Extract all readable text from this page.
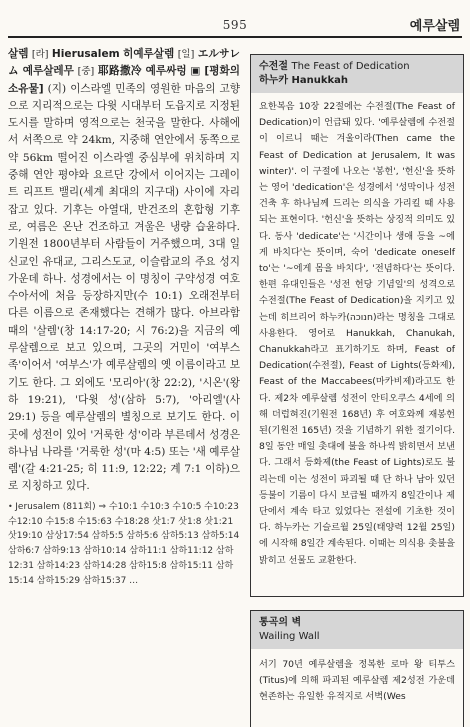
595	예루살렘

살렘 [라] Hierusalem 히예루살렘 [일] エルサレム 예루살레무 [중] 耶路撒冷 예루싸렁 ▣ [평화의 소유물] (지) 이스라엘 민족의 영원한 마음의 고향으로 지리적으로는 다윗 시대부터 도읍지로 지정된 도시를 말하며 영적으로는 천국을 말한다. 사해에서 서쪽으로 약 24km, 지중해 연안에서 동쪽으로 약 56km 떨어진 이스라엘 중심부에 위치하며 지중해 연안 평야와 요르단 강에서 이어지는 그레이트 리프트 밸리(세계 최대의 지구대) 사이에 자리 잡고 있다. 기후는 아열대, 반건조의 혼합형 기후로, 여름은 온난 건조하고 겨울은 냉량 습윤하다. 기원전 1800년부터 사람들이 거주했으며, 3대 일신교인 유대교, 그리스도교, 이슬람교의 주요 성지 가운데 하나. 성경에서는 이 명칭이 구약성경 여호수아서에 처음 등장하지만(수 10:1) 오래전부터 다른 이름으로 존재했다는 견해가 많다. 아브라함 때의 '살렘'(창 14:17-20; 시 76:2)을 지금의 예루살렘으로 보고 있으며, 그곳의 거민이 '여부스 족'이어서 '여부스'가 예루살렘의 옛 이름이라고 보기도 한다. 그 외에도 '모리아'(창 22:2), '시온'(왕하 19:21), '다윗 성'(삼하 5:7), '아리엘'(사 29:1) 등을 예루살렘의 별칭으로 보기도 한다. 이곳에 성전이 있어 '거룩한 성'이라 부른데서 성경은 하나님 나라를 '거룩한 성'(마 4:5) 또는 '새 예루살렘'(갈 4:21-25; 히 11:9, 12:22; 계 7:1 이하)으로 지칭하고 있다.

• Jerusalem (811회) ⇒ 수10:1 수10:3 수10:5 수10:23 수12:10 수15:8 수15:63 수18:28 삿1:7 삿1:8 삿1:21 삿19:10 삼상17:54 삼하5:5 삼하5:6 삼하5:13 삼하5:14 삼하6:7 삼하9:13 삼하10:14 삼하11:1 삼하11:12 삼하12:31 삼하14:23 삼하14:28 삼하15:8 삼하15:11 삼하15:14 삼하15:29 삼하15:37 …

수전절 The Feast of Dedication
하누카 Hanukkah
요한복음 10장 22절에는 수전절(The Feast of Dedication)이 언급돼 있다. '예루살렘에 수전절이 이르니 때는 겨울이라(Then came the Feast of Dedication at Jerusalem, It was winter)'. 이 구절에 나오는 '봉헌', '헌신'을 뜻하는 영어 'dedication'은 성경에서 '성막이나 성전 건축 후 하나님께 드리는 의식을 가리킬 때 사용되는 표현이다. '헌신'을 뜻하는 상징적 의미도 있다. 동사 'dedicate'는 '시간이나 생애 등을 ~에게 바치다'는 뜻이며, 숙어 'dedicate oneself to'는 '~에게 몸을 바치다', '전념하다'는 뜻이다. 한편 유대인들은 '성전 헌당 기념일'의 성격으로 수전절(The Feast of Dedication)을 지키고 있는데 히브리어 하누카(חנוכה)라는 명칭을 그대로 사용한다. 영어로 Hanukkah, Chanukah, Chanukkah라고 표기하기도 하며, Feast of Dedication(수전절), Feast of Lights(등화제), Feast of the Maccabees(마카비제)라고도 한다. 제2차 예루살렘 성전이 안티오쿠스 4세에 의해 더럽혀진(기원전 168년) 후 여호와께 재봉헌된(기원전 165년) 것을 기념하기 위한 절기이다. 8일 동안 매일 촛대에 불을 하나씩 밝히면서 보낸다. 그래서 등화제(the Feast of Lights)로도 불리는데 이는 성전이 파괴될 때 단 하나 남아 있던 등불이 기름이 다시 보급될 때까지 8일간이나 제단에서 계속 타고 있었다는 전설에 기초한 것이다. 하누카는 기슬르월 25일(태양력 12월 25일)에 시작해 8일간 계속된다. 이때는 의식용 촛불을 밝히고 선물도 교환한다.
통곡의 벽
Wailing Wall
서기 70년 예루살렘을 정복한 로마 왕 티투스(Titus)에 의해 파괴된 예루살렘 제2성전 가운데 현존하는 유일한 유적지로 서벽(Wes
